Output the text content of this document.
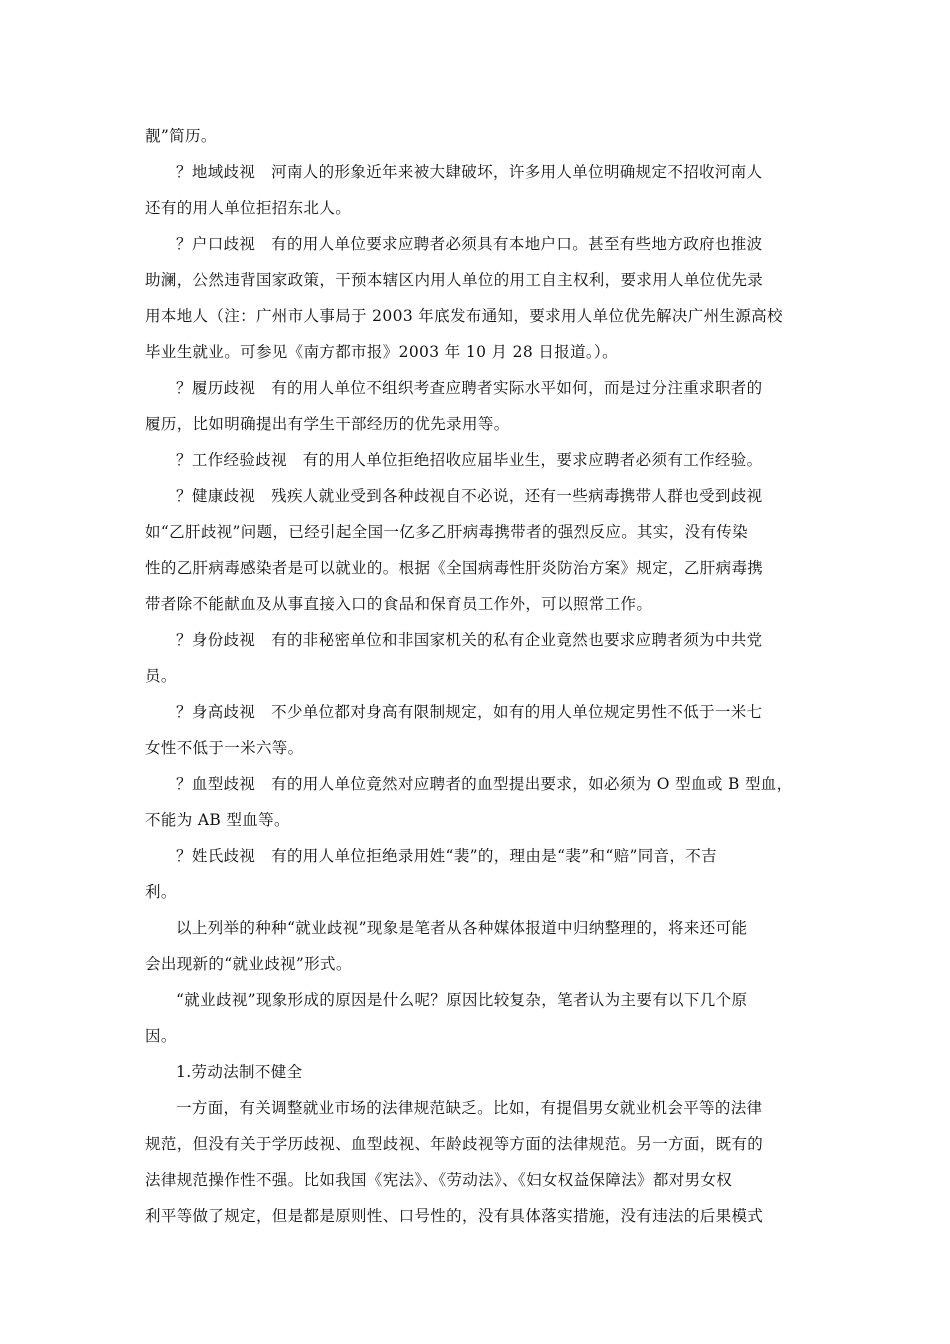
靓”简历。
？地域歧视　河南人的形象近年来被大肆破坏，许多用人单位明确规定不招收河南人
还有的用人单位拒招东北人。
？户口歧视　有的用人单位要求应聘者必须具有本地户口。甚至有些地方政府也推波
助澜，公然违背国家政策，干预本辖区内用人单位的用工自主权利，要求用人单位优先录
用本地人（注：广州市人事局于 2003 年底发布通知，要求用人单位优先解决广州生源高校
毕业生就业。可参见《南方都市报》2003 年 10 月 28 日报道。）。
？履历歧视　有的用人单位不组织考查应聘者实际水平如何，而是过分注重求职者的
履历，比如明确提出有学生干部经历的优先录用等。
？工作经验歧视　有的用人单位拒绝招收应届毕业生，要求应聘者必须有工作经验。
？健康歧视　残疾人就业受到各种歧视自不必说，还有一些病毒携带人群也受到歧视
如“乙肝歧视”问题，已经引起全国一亿多乙肝病毒携带者的强烈反应。其实，没有传染
性的乙肝病毒感染者是可以就业的。根据《全国病毒性肝炎防治方案》规定，乙肝病毒携
带者除不能献血及从事直接入口的食品和保育员工作外，可以照常工作。
？身份歧视　有的非秘密单位和非国家机关的私有企业竟然也要求应聘者须为中共党
员。
？身高歧视　不少单位都对身高有限制规定，如有的用人单位规定男性不低于一米七
女性不低于一米六等。
？血型歧视　有的用人单位竟然对应聘者的血型提出要求，如必须为 O 型血或 B 型血，
不能为 AB 型血等。
？姓氏歧视　有的用人单位拒绝录用姓“裴”的，理由是“裴”和“赔”同音，不吉
利。
以上列举的种种“就业歧视”现象是笔者从各种媒体报道中归纳整理的，将来还可能
会出现新的“就业歧视”形式。
“就业歧视”现象形成的原因是什么呢？原因比较复杂，笔者认为主要有以下几个原
因。
1.劳动法制不健全
一方面，有关调整就业市场的法律规范缺乏。比如，有提倡男女就业机会平等的法律
规范，但没有关于学历歧视、血型歧视、年龄歧视等方面的法律规范。另一方面，既有的
法律规范操作性不强。比如我国《宪法》、《劳动法》、《妇女权益保障法》都对男女权
利平等做了规定，但是都是原则性、口号性的，没有具体落实措施，没有违法的后果模式
